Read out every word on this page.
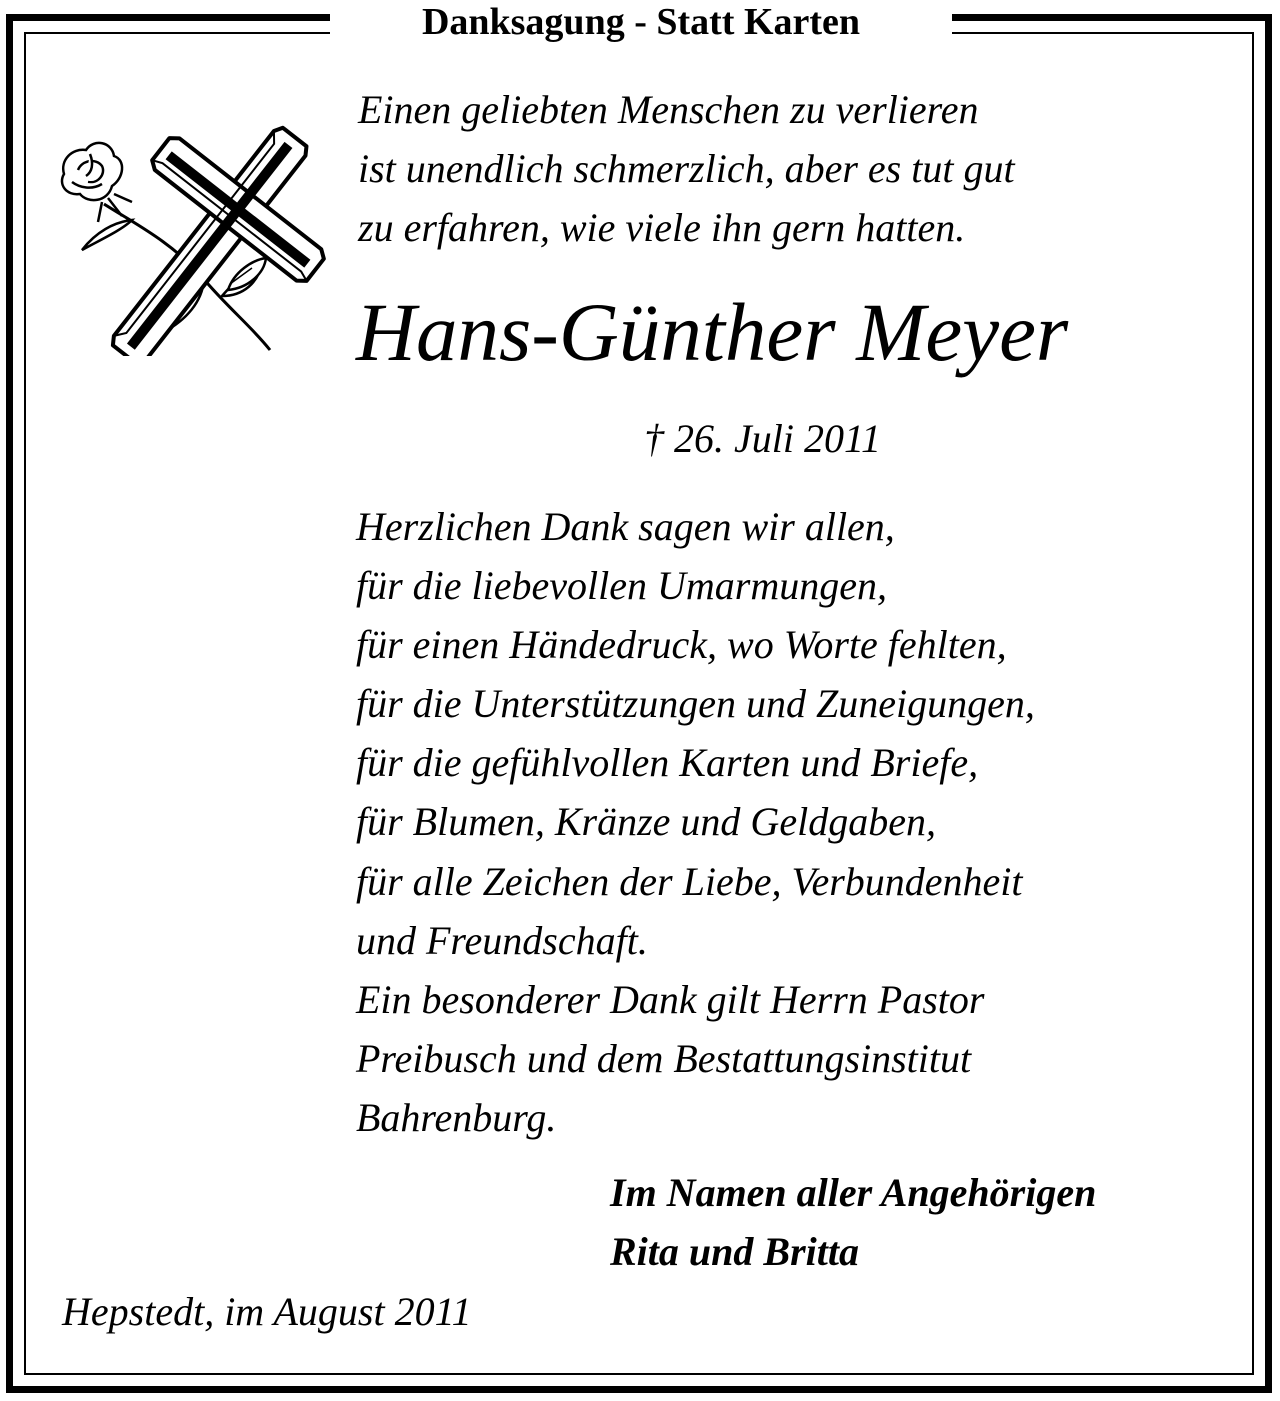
Danksagung - Statt Karten
Einen geliebten Menschen zu verlieren
ist unendlich schmerzlich, aber es tut gut
zu erfahren, wie viele ihn gern hatten.
Hans-Günther Meyer
† 26. Juli 2011
Herzlichen Dank sagen wir allen,
für die liebevollen Umarmungen,
für einen Händedruck, wo Worte fehlten,
für die Unterstützungen und Zuneigungen,
für die gefühlvollen Karten und Briefe,
für Blumen, Kränze und Geldgaben,
für alle Zeichen der Liebe, Verbundenheit
und Freundschaft.
Ein besonderer Dank gilt Herrn Pastor
Preibusch und dem Bestattungsinstitut
Bahrenburg.
Im Namen aller Angehörigen
Rita und Britta
Hepstedt, im August 2011
